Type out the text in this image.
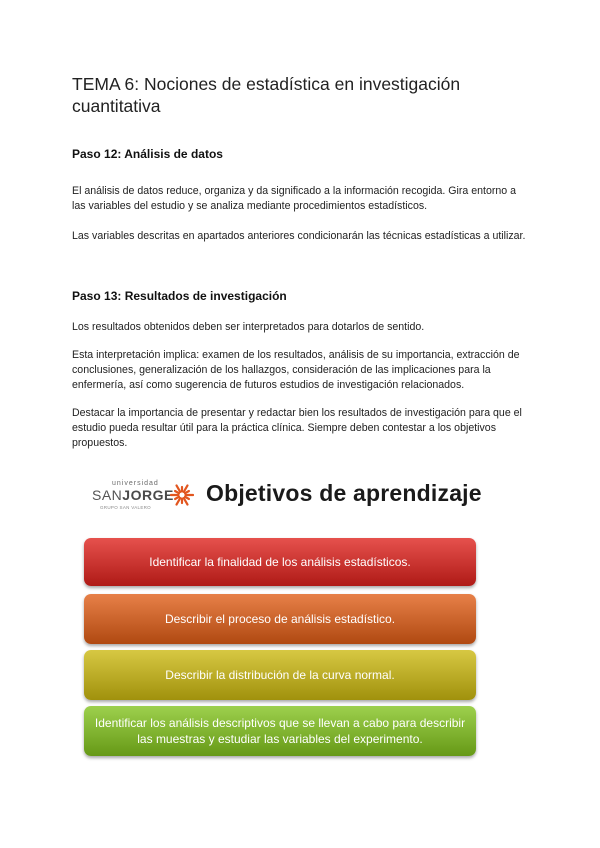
TEMA 6: Nociones de estadística en investigación cuantitativa
Paso 12: Análisis de datos

El análisis de datos reduce, organiza y da significado a la información recogida. Gira entorno a las variables del estudio y se analiza mediante procedimientos estadísticos.

Las variables descritas en apartados anteriores condicionarán las técnicas estadísticas a utilizar.

Paso 13: Resultados de investigación

Los resultados obtenidos deben ser interpretados para dotarlos de sentido.

Esta interpretación implica: examen de los resultados, análisis de su importancia, extracción de conclusiones, generalización de los hallazgos, consideración de las implicaciones para la enfermería, así como sugerencia de futuros estudios de investigación relacionados.

Destacar la importancia de presentar y redactar bien los resultados de investigación para que el estudio pueda resultar útil para la práctica clínica. Siempre deben contestar a los objetivos propuestos.

universidad
SANJORGE
GRUPO SAN VALERO
Objetivos de aprendizaje
Identificar la finalidad de los análisis estadísticos.
Describir el proceso de análisis estadístico.
Describir la distribución de la curva normal.
Identificar los análisis descriptivos que se llevan a cabo para describir las muestras y estudiar las variables del experimento.
